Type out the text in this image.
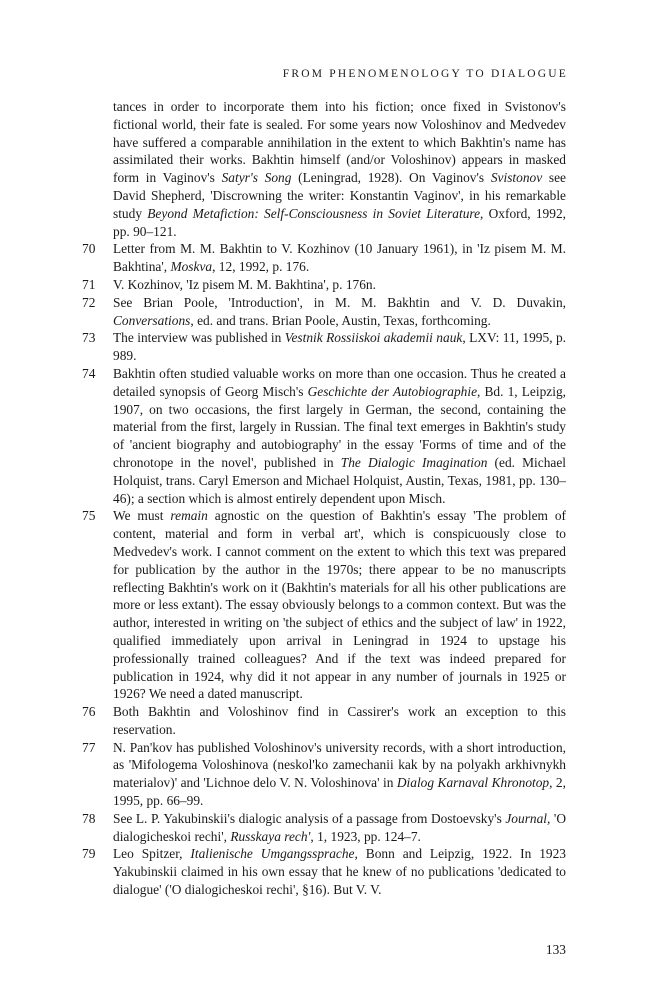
FROM PHENOMENOLOGY TO DIALOGUE

tances in order to incorporate them into his fiction; once fixed in Svistonov's fictional world, their fate is sealed. For some years now Voloshinov and Medvedev have suffered a comparable annihilation in the extent to which Bakhtin's name has assimilated their works. Bakhtin himself (and/or Voloshinov) appears in masked form in Vaginov's Satyr's Song (Leningrad, 1928). On Vaginov's Svistonov see David Shepherd, 'Discrowning the writer: Konstantin Vaginov', in his remarkable study Beyond Metafiction: Self-Consciousness in Soviet Literature, Oxford, 1992, pp. 90–121.

70 Letter from M. M. Bakhtin to V. Kozhinov (10 January 1961), in 'Iz pisem M. M. Bakhtina', Moskva, 12, 1992, p. 176.

71 V. Kozhinov, 'Iz pisem M. M. Bakhtina', p. 176n.

72 See Brian Poole, 'Introduction', in M. M. Bakhtin and V. D. Duvakin, Conversations, ed. and trans. Brian Poole, Austin, Texas, forthcoming.

73 The interview was published in Vestnik Rossiiskoi akademii nauk, LXV: 11, 1995, p. 989.

74 Bakhtin often studied valuable works on more than one occasion. Thus he created a detailed synopsis of Georg Misch's Geschichte der Autobiographie, Bd. 1, Leipzig, 1907, on two occasions, the first largely in German, the second, containing the material from the first, largely in Russian. The final text emerges in Bakhtin's study of 'ancient biography and autobiography' in the essay 'Forms of time and of the chronotope in the novel', published in The Dialogic Imagination (ed. Michael Holquist, trans. Caryl Emerson and Michael Holquist, Austin, Texas, 1981, pp. 130–46); a section which is almost entirely dependent upon Misch.

75 We must remain agnostic on the question of Bakhtin's essay 'The problem of content, material and form in verbal art', which is conspicuously close to Medvedev's work. I cannot comment on the extent to which this text was prepared for publication by the author in the 1970s; there appear to be no manuscripts reflecting Bakhtin's work on it (Bakhtin's materials for all his other publications are more or less extant). The essay obviously belongs to a common context. But was the author, interested in writing on 'the subject of ethics and the subject of law' in 1922, qualified immediately upon arrival in Leningrad in 1924 to upstage his professionally trained colleagues? And if the text was indeed prepared for publication in 1924, why did it not appear in any number of journals in 1925 or 1926? We need a dated manuscript.

76 Both Bakhtin and Voloshinov find in Cassirer's work an exception to this reservation.

77 N. Pan'kov has published Voloshinov's university records, with a short introduction, as 'Mifologema Voloshinova (neskol'ko zamechanii kak by na polyakh arkhivnykh materialov)' and 'Lichnoe delo V. N. Voloshinova' in Dialog Karnaval Khronotop, 2, 1995, pp. 66–99.

78 See L. P. Yakubinskii's dialogic analysis of a passage from Dostoevsky's Journal, 'O dialogicheskoi rechi', Russkaya rech', 1, 1923, pp. 124–7.

79 Leo Spitzer, Italienische Umgangssprache, Bonn and Leipzig, 1922. In 1923 Yakubinskii claimed in his own essay that he knew of no publications 'dedicated to dialogue' ('O dialogicheskoi rechi', §16). But V. V.

133
